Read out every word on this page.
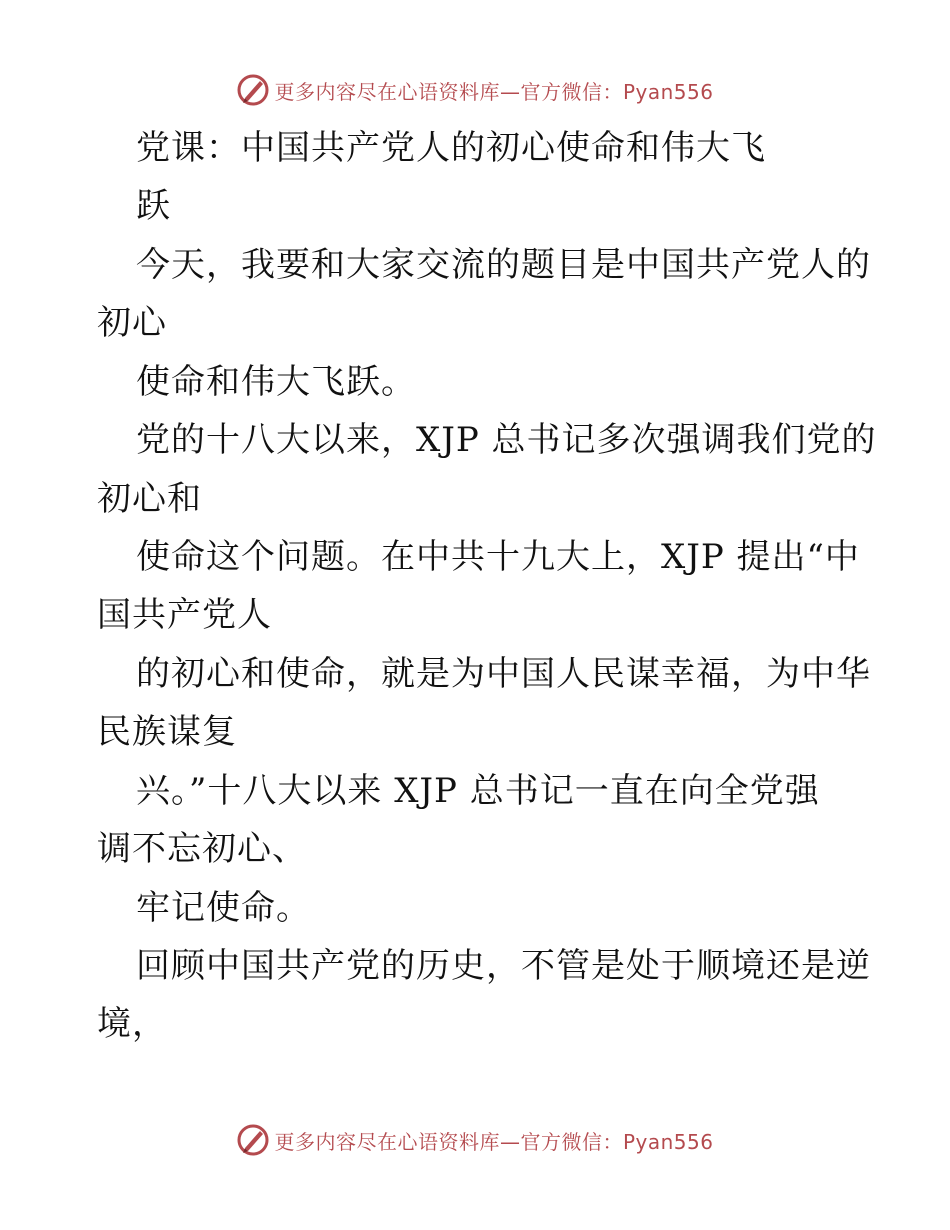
更多内容尽在心语资料库—官方微信：Pyan556
党课：中国共产党人的初心使命和伟大飞
跃
今天，我要和大家交流的题目是中国共产党人的
初心
使命和伟大飞跃。
党的十八大以来，XJP 总书记多次强调我们党的
初心和
使命这个问题。在中共十九大上，XJP 提出“中
国共产党人
的初心和使命，就是为中国人民谋幸福，为中华
民族谋复
兴。”十八大以来 XJP 总书记一直在向全党强
调不忘初心、
牢记使命。
回顾中国共产党的历史，不管是处于顺境还是逆
境，
更多内容尽在心语资料库—官方微信：Pyan556
